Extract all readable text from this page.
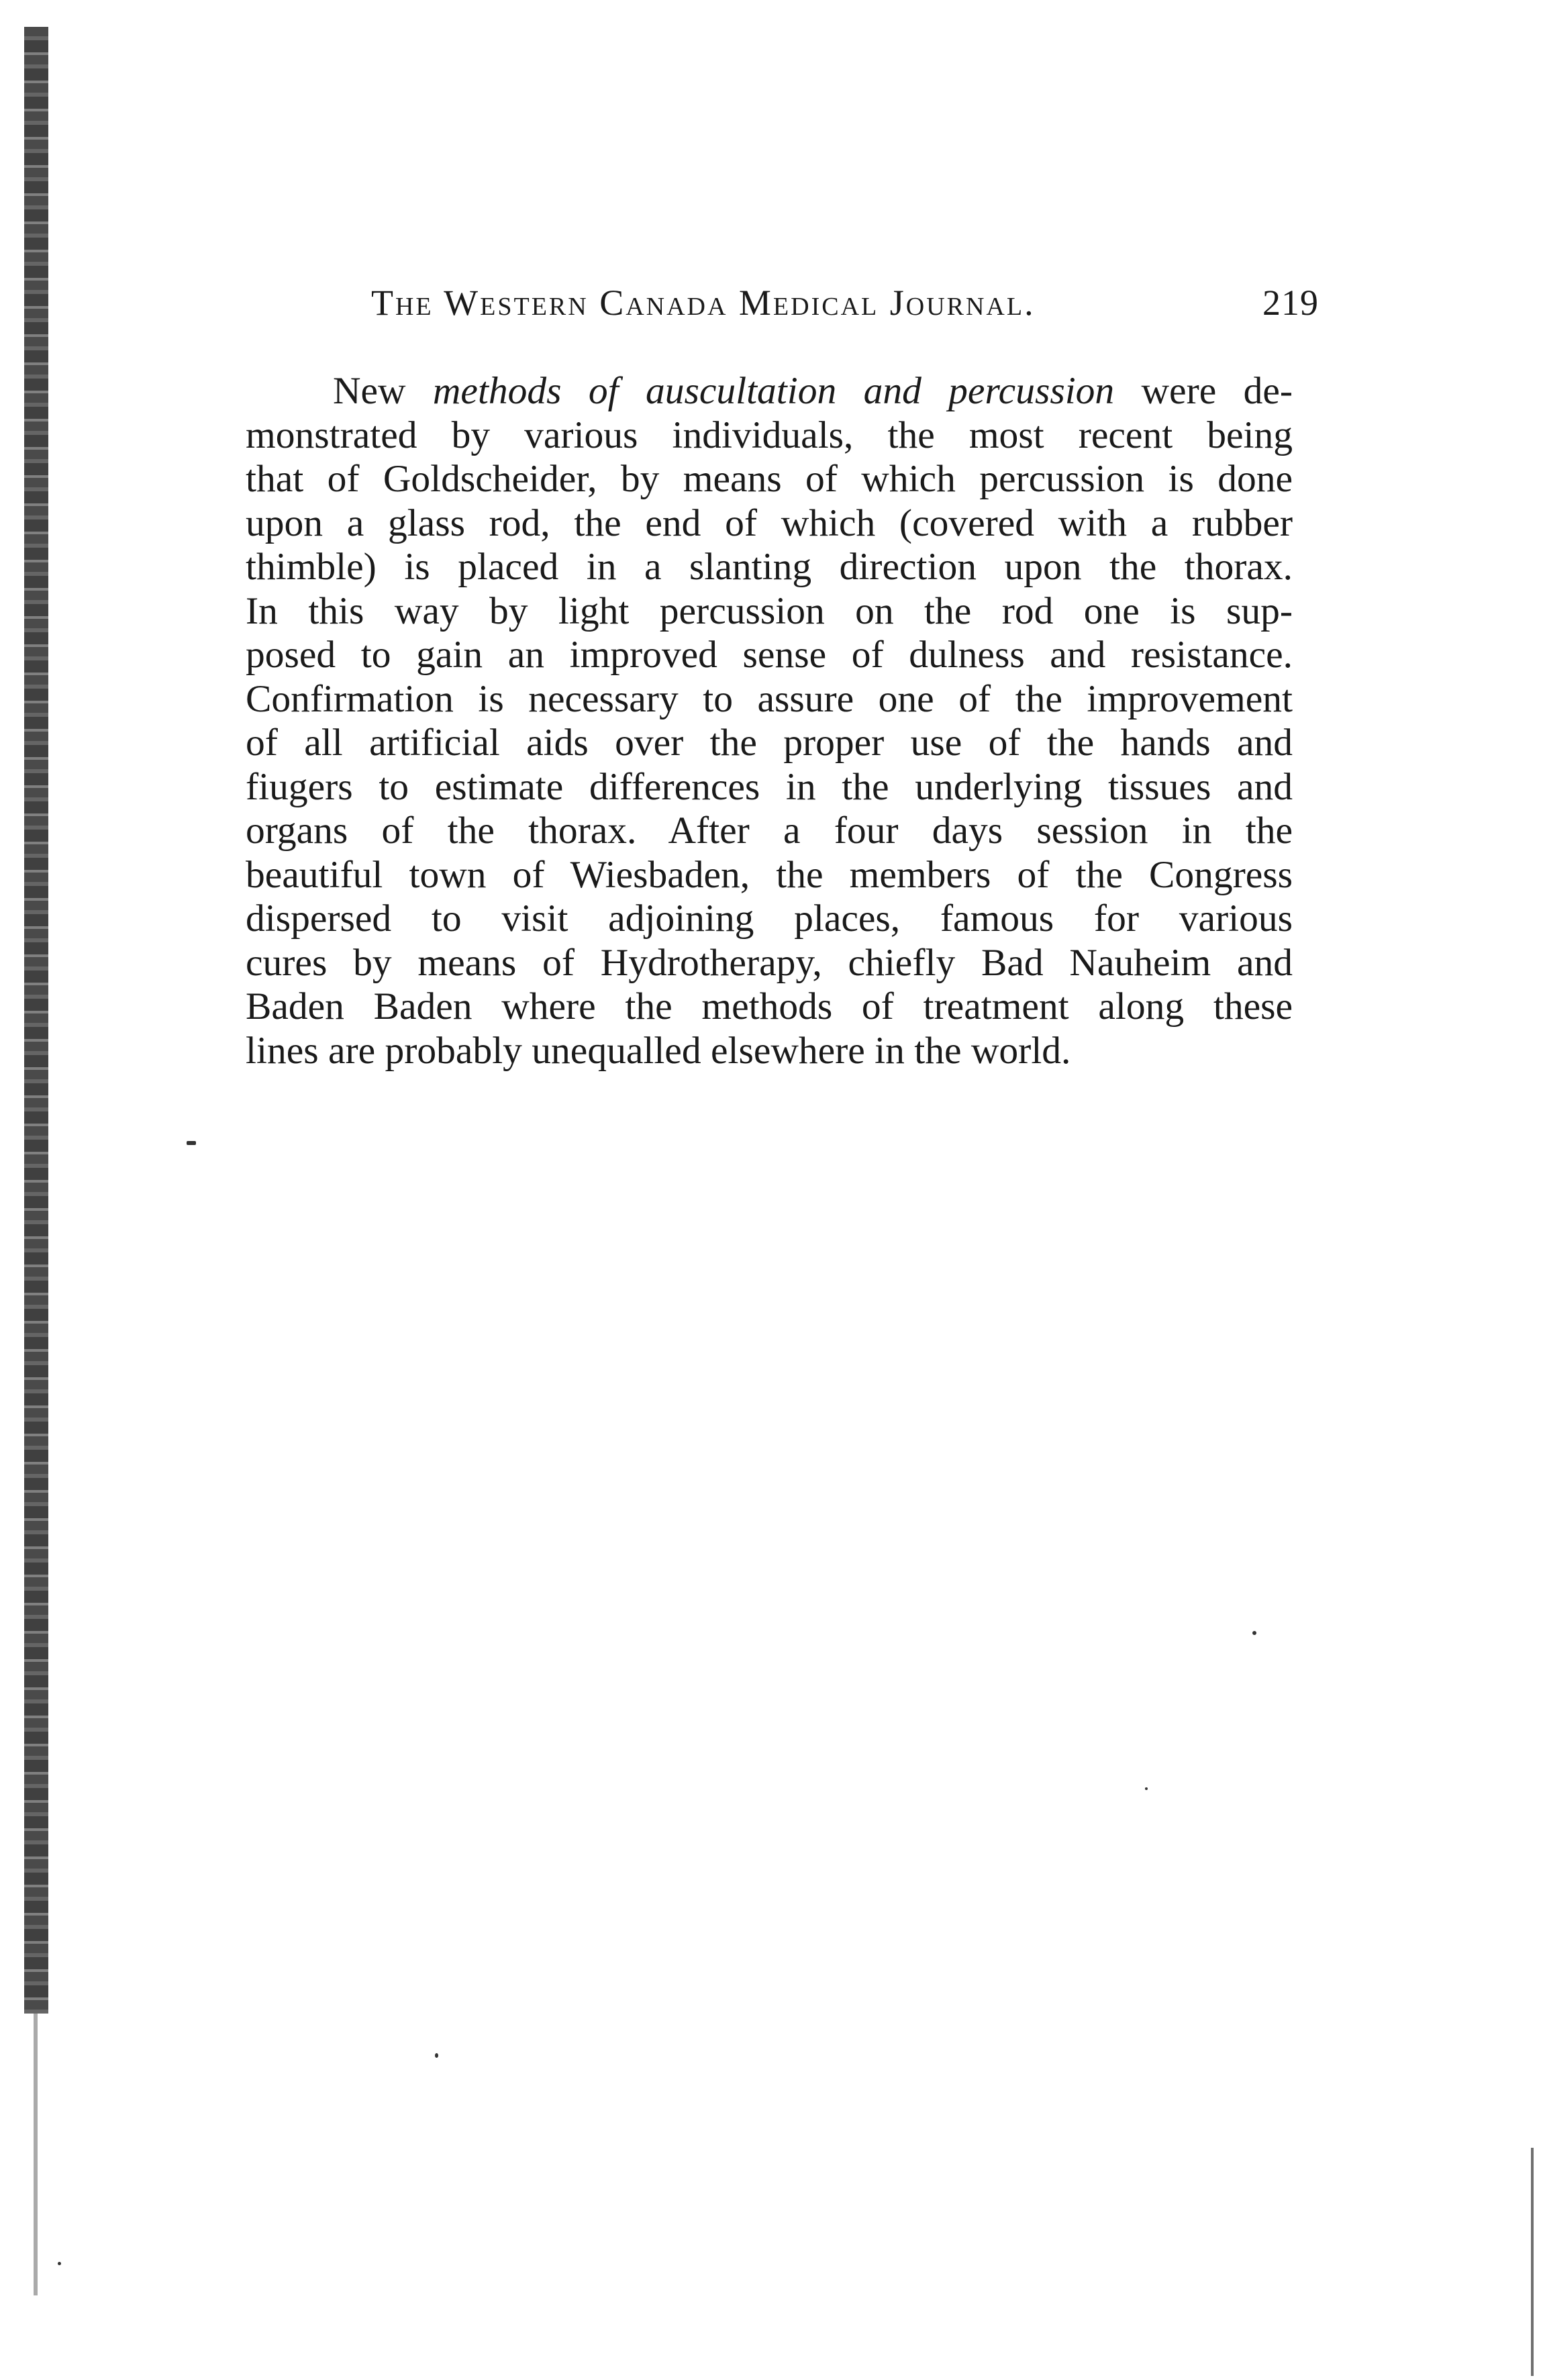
The Western Canada Medical Journal.	219
New methods of auscultation and percussion were de-
monstrated by various individuals, the most recent being
that of Goldscheider, by means of which percussion is done
upon a glass rod, the end of which (covered with a rubber
thimble) is placed in a slanting direction upon the thorax.
In this way by light percussion on the rod one is sup-
posed to gain an improved sense of dulness and resistance.
Confirmation is necessary to assure one of the improvement
of all artificial aids over the proper use of the hands and
fiugers to estimate differences in the underlying tissues and
organs of the thorax. After a four days session in the
beautiful town of Wiesbaden, the members of the Congress
dispersed to visit adjoining places, famous for various
cures by means of Hydrotherapy, chiefly Bad Nauheim and
Baden Baden where the methods of treatment along these
lines are probably unequalled elsewhere in the world.
